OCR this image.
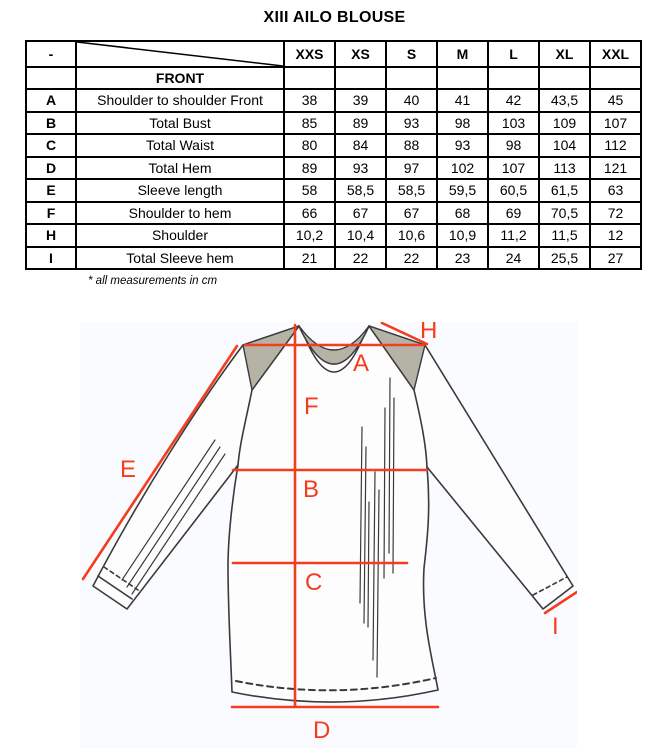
XIII AILO BLOUSE
-		XXS	XS	S	M	L	XL	XXL
	FRONT							
A	Shoulder to shoulder Front	38	39	40	41	42	43,5	45
B	Total Bust	85	89	93	98	103	109	107
C	Total Waist	80	84	88	93	98	104	112
D	Total Hem	89	93	97	102	107	113	121
E	Sleeve length	58	58,5	58,5	59,5	60,5	61,5	63
F	Shoulder to hem	66	67	67	68	69	70,5	72
H	Shoulder	10,2	10,4	10,6	10,9	11,2	11,5	12
I	Total Sleeve hem	21	22	22	23	24	25,5	27
* all measurements in cm
A
H
F
B
C
D
E
I
